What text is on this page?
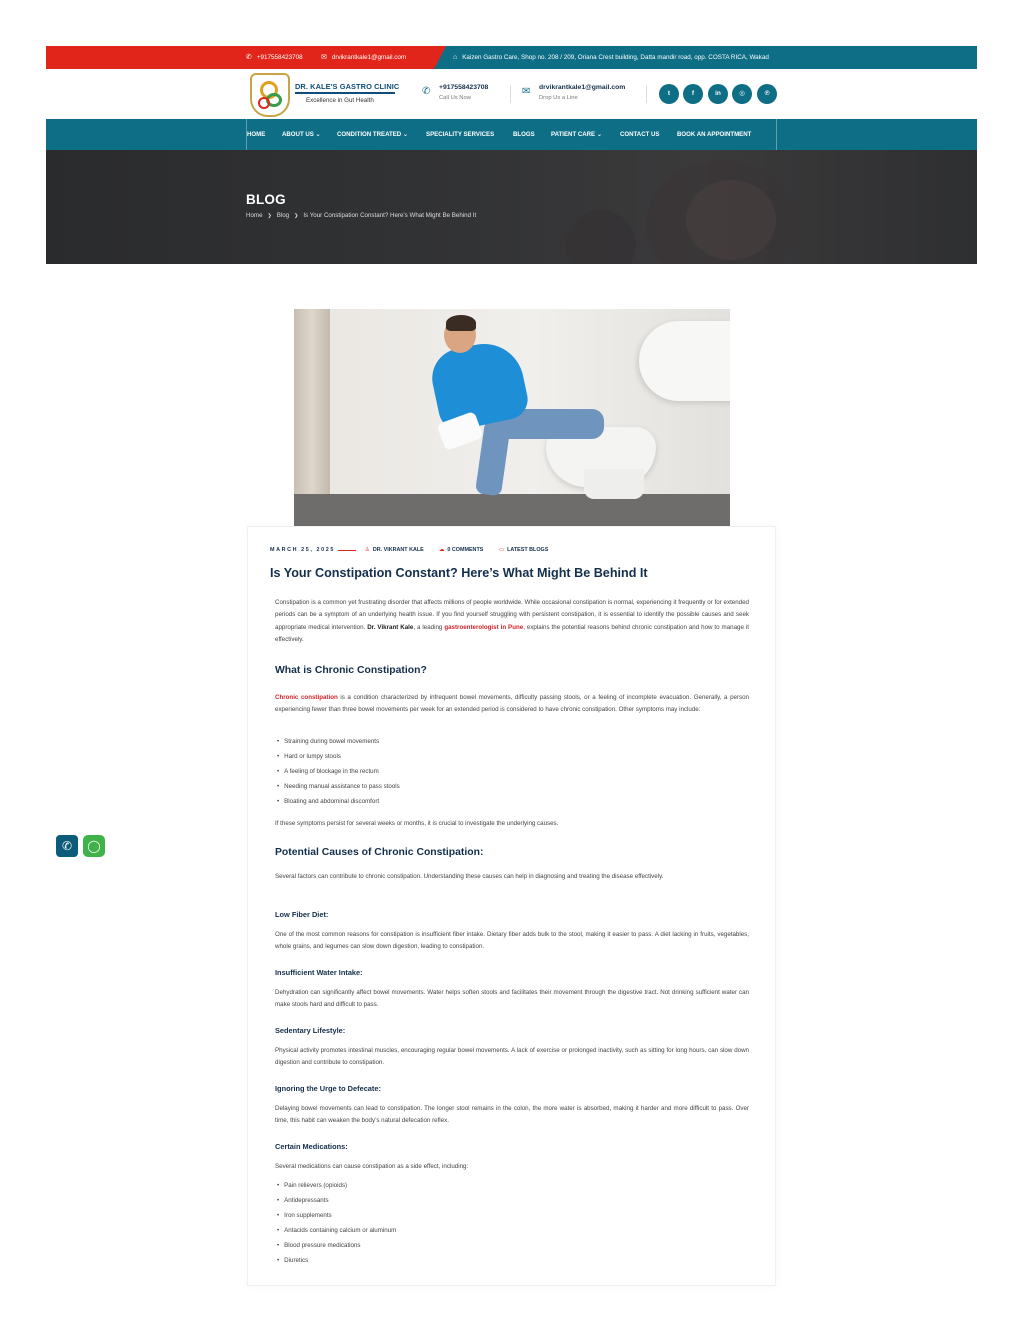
✆ +917558423708	✉ drvikrantkale1@gmail.com	⌂ Kaizen Gastro Care, Shop no. 208 / 209, Oriana Crest building, Datta mandir road, opp. COSTA RICA, Wakad
DR. KALE'S GASTRO CLINIC
Excellence in Gut Health
✆ +917558423708
Call Us Now
✉ drvikrantkale1@gmail.com
Drop Us a Line
t	f	in	◎	℗
HOME	ABOUT US ⌄	CONDITION TREATED ⌄	SPECIALITY SERVICES	BLOGS	PATIENT CARE ⌄	CONTACT US	BOOK AN APPOINTMENT
BLOG
Home ❯ Blog ❯ Is Your Constipation Constant? Here’s What Might Be Behind It
MARCH 25, 2025	♙ DR. VIKRANT KALE	☁ 0 COMMENTS	▭ LATEST BLOGS
Is Your Constipation Constant? Here’s What Might Be Behind It
Constipation is a common yet frustrating disorder that affects millions of people worldwide. While occasional constipation is normal, experiencing it frequently or for extended periods can be a symptom of an underlying health issue. If you find yourself struggling with persistent constipation, it is essential to identify the possible causes and seek appropriate medical intervention. Dr. Vikrant Kale, a leading gastroenterologist in Pune, explains the potential reasons behind chronic constipation and how to manage it effectively.
What is Chronic Constipation?
Chronic constipation is a condition characterized by infrequent bowel movements, difficulty passing stools, or a feeling of incomplete evacuation. Generally, a person experiencing fewer than three bowel movements per week for an extended period is considered to have chronic constipation. Other symptoms may include:
• Straining during bowel movements
• Hard or lumpy stools
• A feeling of blockage in the rectum
• Needing manual assistance to pass stools
• Bloating and abdominal discomfort
If these symptoms persist for several weeks or months, it is crucial to investigate the underlying causes.
Potential Causes of Chronic Constipation:
Several factors can contribute to chronic constipation. Understanding these causes can help in diagnosing and treating the disease effectively.
Low Fiber Diet:
One of the most common reasons for constipation is insufficient fiber intake. Dietary fiber adds bulk to the stool, making it easier to pass. A diet lacking in fruits, vegetables, whole grains, and legumes can slow down digestion, leading to constipation.
Insufficient Water Intake:
Dehydration can significantly affect bowel movements. Water helps soften stools and facilitates their movement through the digestive tract. Not drinking sufficient water can make stools hard and difficult to pass.
Sedentary Lifestyle:
Physical activity promotes intestinal muscles, encouraging regular bowel movements. A lack of exercise or prolonged inactivity, such as sitting for long hours, can slow down digestion and contribute to constipation.
Ignoring the Urge to Defecate:
Delaying bowel movements can lead to constipation. The longer stool remains in the colon, the more water is absorbed, making it harder and more difficult to pass. Over time, this habit can weaken the body’s natural defecation reflex.
Certain Medications:
Several medications can cause constipation as a side effect, including:
• Pain relievers (opioids)
• Antidepressants
• Iron supplements
• Antacids containing calcium or aluminum
• Blood pressure medications
• Diuretics
✆	◯
